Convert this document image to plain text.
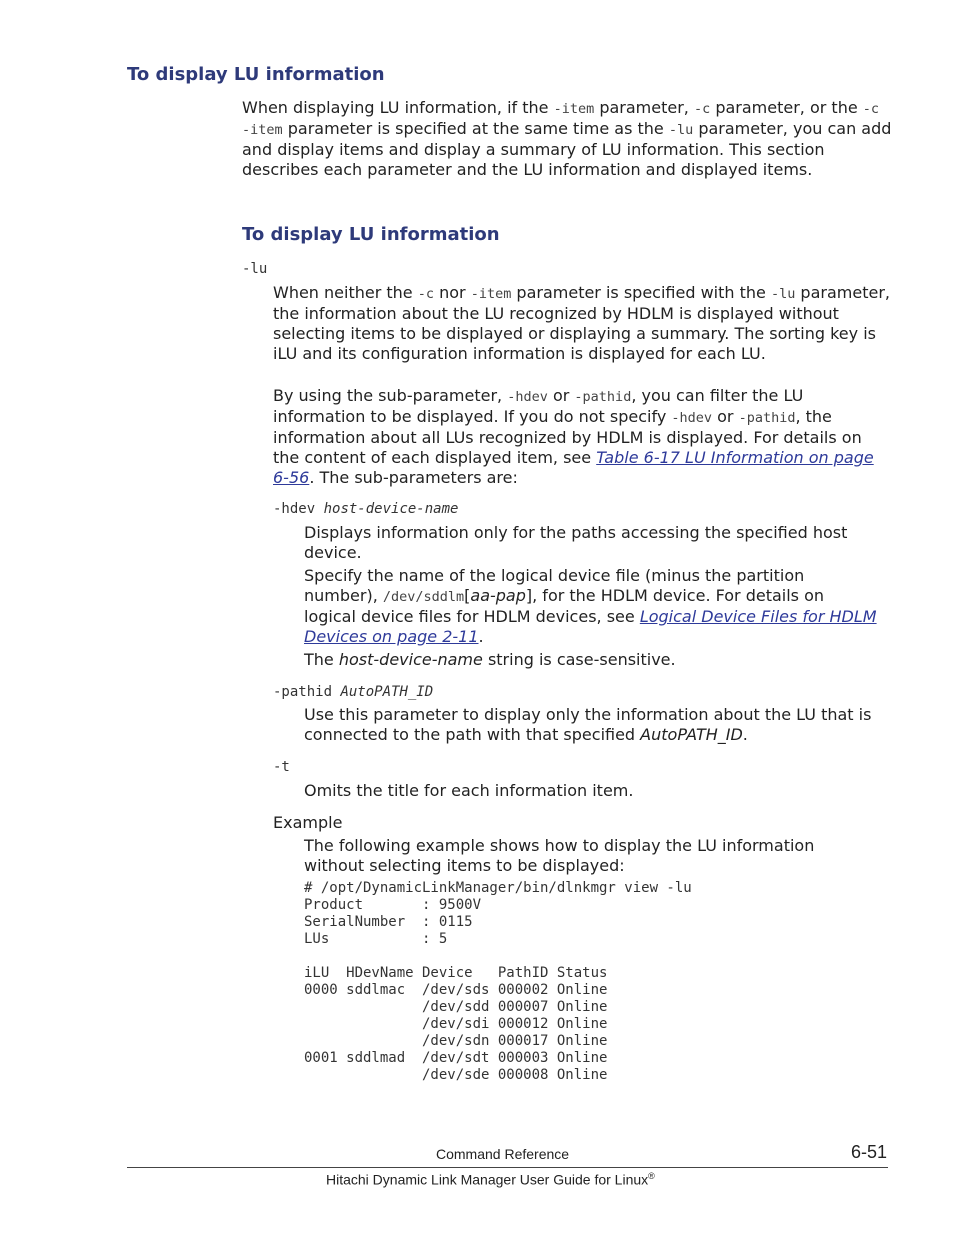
To display LU information
When displaying LU information, if the -item parameter, -c parameter, or the -c -item parameter is specified at the same time as the -lu parameter, you can add and display items and display a summary of LU information. This section describes each parameter and the LU information and displayed items.
To display LU information
-lu
When neither the -c nor -item parameter is specified with the -lu parameter, the information about the LU recognized by HDLM is displayed without selecting items to be displayed or displaying a summary. The sorting key is iLU and its configuration information is displayed for each LU.
By using the sub-parameter, -hdev or -pathid, you can filter the LU information to be displayed. If you do not specify -hdev or -pathid, the information about all LUs recognized by HDLM is displayed. For details on the content of each displayed item, see Table 6-17 LU Information on page 6-56. The sub-parameters are:
-hdev host-device-name
Displays information only for the paths accessing the specified host device.
Specify the name of the logical device file (minus the partition number), /dev/sddlm[aa-pap], for the HDLM device. For details on logical device files for HDLM devices, see Logical Device Files for HDLM Devices on page 2-11.
The host-device-name string is case-sensitive.
-pathid AutoPATH_ID
Use this parameter to display only the information about the LU that is connected to the path with that specified AutoPATH_ID.
-t
Omits the title for each information item.
Example
The following example shows how to display the LU information without selecting items to be displayed:
# /opt/DynamicLinkManager/bin/dlnkmgr view -lu
Product       : 9500V
SerialNumber  : 0115
LUs           : 5

iLU  HDevName Device   PathID Status
0000 sddlmac  /dev/sds 000002 Online
/dev/sdd 000007 Online
/dev/sdi 000012 Online
/dev/sdn 000017 Online
0001 sddlmad  /dev/sdt 000003 Online
/dev/sde 000008 Online
Command Reference	6-51
Hitachi Dynamic Link Manager User Guide for Linux®
